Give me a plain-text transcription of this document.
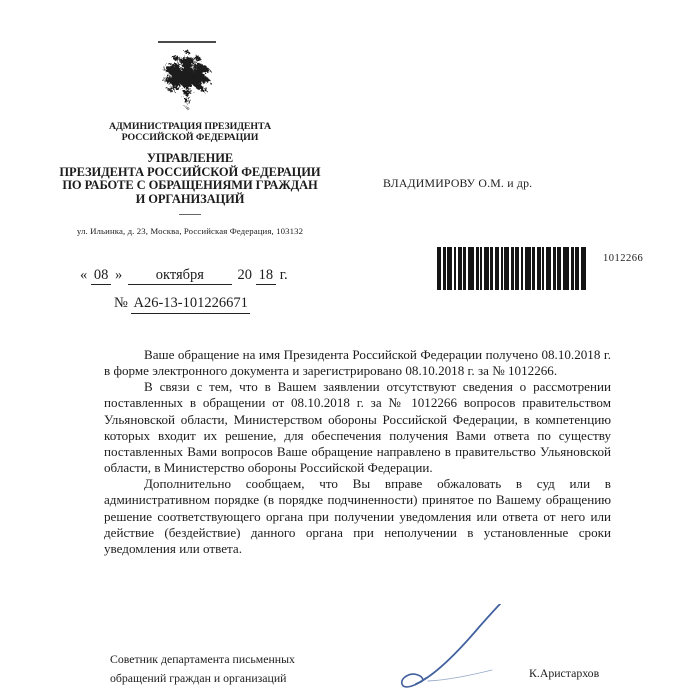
АДМИНИСТРАЦИЯ ПРЕЗИДЕНТА
РОССИЙСКОЙ ФЕДЕРАЦИИ
УПРАВЛЕНИЕ
ПРЕЗИДЕНТА РОССИЙСКОЙ ФЕДЕРАЦИИ
ПО РАБОТЕ С ОБРАЩЕНИЯМИ ГРАЖДАН
И ОРГАНИЗАЦИЙ
ул. Ильинка, д. 23, Москва, Российская Федерация, 103132
ВЛАДИМИРОВУ О.М. и др.
1012266
« 08 » октября 20 18 г.
№ А26-13-101226671

Ваше обращение на имя Президента Российской Федерации получено 08.10.2018 г. в форме электронного документа и зарегистрировано 08.10.2018 г. за № 1012266.

В связи с тем, что в Вашем заявлении отсутствуют сведения о рассмотрении поставленных в обращении от 08.10.2018 г. за № 1012266 вопросов правительством Ульяновской области, Министерством обороны Российской Федерации, в компетенцию которых входит их решение, для обеспечения получения Вами ответа по существу поставленных Вами вопросов Ваше обращение направлено в правительство Ульяновской области, в Министерство обороны Российской Федерации.

Дополнительно сообщаем, что Вы вправе обжаловать в суд или в административном порядке (в порядке подчиненности) принятое по Вашему обращению решение соответствующего органа при получении уведомления или ответа от него или действие (бездействие) данного органа при неполучении в установленные сроки уведомления или ответа.

Советник департамента письменных
обращений граждан и организаций	К.Аристархов
